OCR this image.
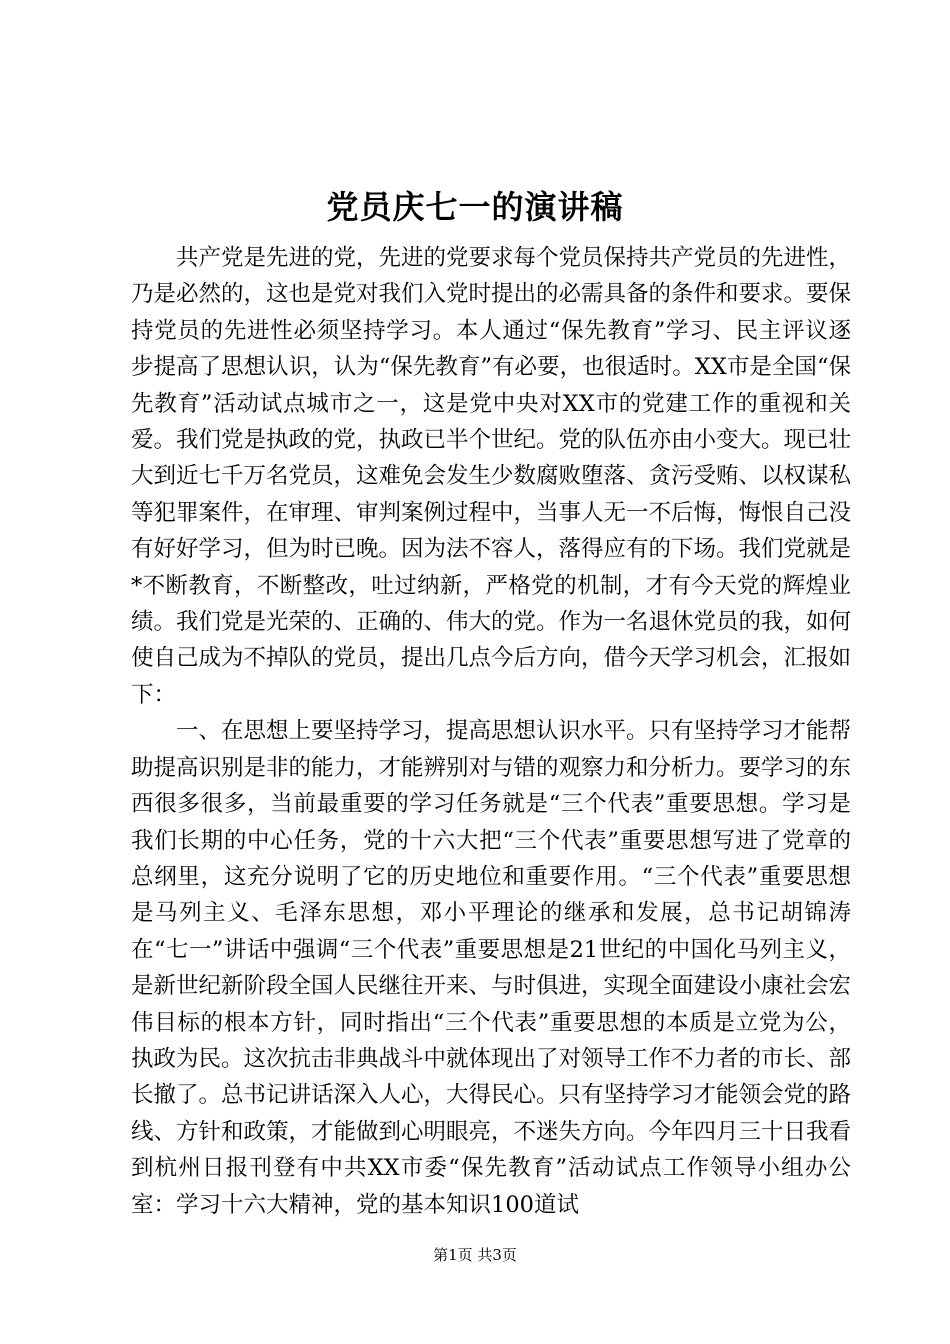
党员庆七一的演讲稿

共产党是先进的党，先进的党要求每个党员保持共产党员的先进性，乃是必然的，这也是党对我们入党时提出的必需具备的条件和要求。要保持党员的先进性必须坚持学习。本人通过“保先教育”学习、民主评议逐步提高了思想认识，认为“保先教育”有必要，也很适时。XX市是全国“保先教育”活动试点城市之一，这是党中央对XX市的党建工作的重视和关爱。我们党是执政的党，执政已半个世纪。党的队伍亦由小变大。现已壮大到近七千万名党员，这难免会发生少数腐败堕落、贪污受贿、以权谋私等犯罪案件，在审理、审判案例过程中，当事人无一不后悔，悔恨自己没有好好学习，但为时已晚。因为法不容人，落得应有的下场。我们党就是*不断教育，不断整改，吐过纳新，严格党的机制，才有今天党的辉煌业绩。我们党是光荣的、正确的、伟大的党。作为一名退休党员的我，如何使自己成为不掉队的党员，提出几点今后方向，借今天学习机会，汇报如下：

一、在思想上要坚持学习，提高思想认识水平。只有坚持学习才能帮助提高识别是非的能力，才能辨别对与错的观察力和分析力。要学习的东西很多很多，当前最重要的学习任务就是“三个代表”重要思想。学习是我们长期的中心任务，党的十六大把“三个代表”重要思想写进了党章的总纲里，这充分说明了它的历史地位和重要作用。“三个代表”重要思想是马列主义、毛泽东思想，邓小平理论的继承和发展，总书记胡锦涛在“七一”讲话中强调“三个代表”重要思想是21世纪的中国化马列主义，是新世纪新阶段全国人民继往开来、与时俱进，实现全面建设小康社会宏伟目标的根本方针，同时指出“三个代表”重要思想的本质是立党为公，执政为民。这次抗击非典战斗中就体现出了对领导工作不力者的市长、部长撤了。总书记讲话深入人心，大得民心。只有坚持学习才能领会党的路线、方针和政策，才能做到心明眼亮，不迷失方向。今年四月三十日我看到杭州日报刊登有中共XX市委“保先教育”活动试点工作领导小组办公室：学习十六大精神，党的基本知识100道试

第1页 共3页
